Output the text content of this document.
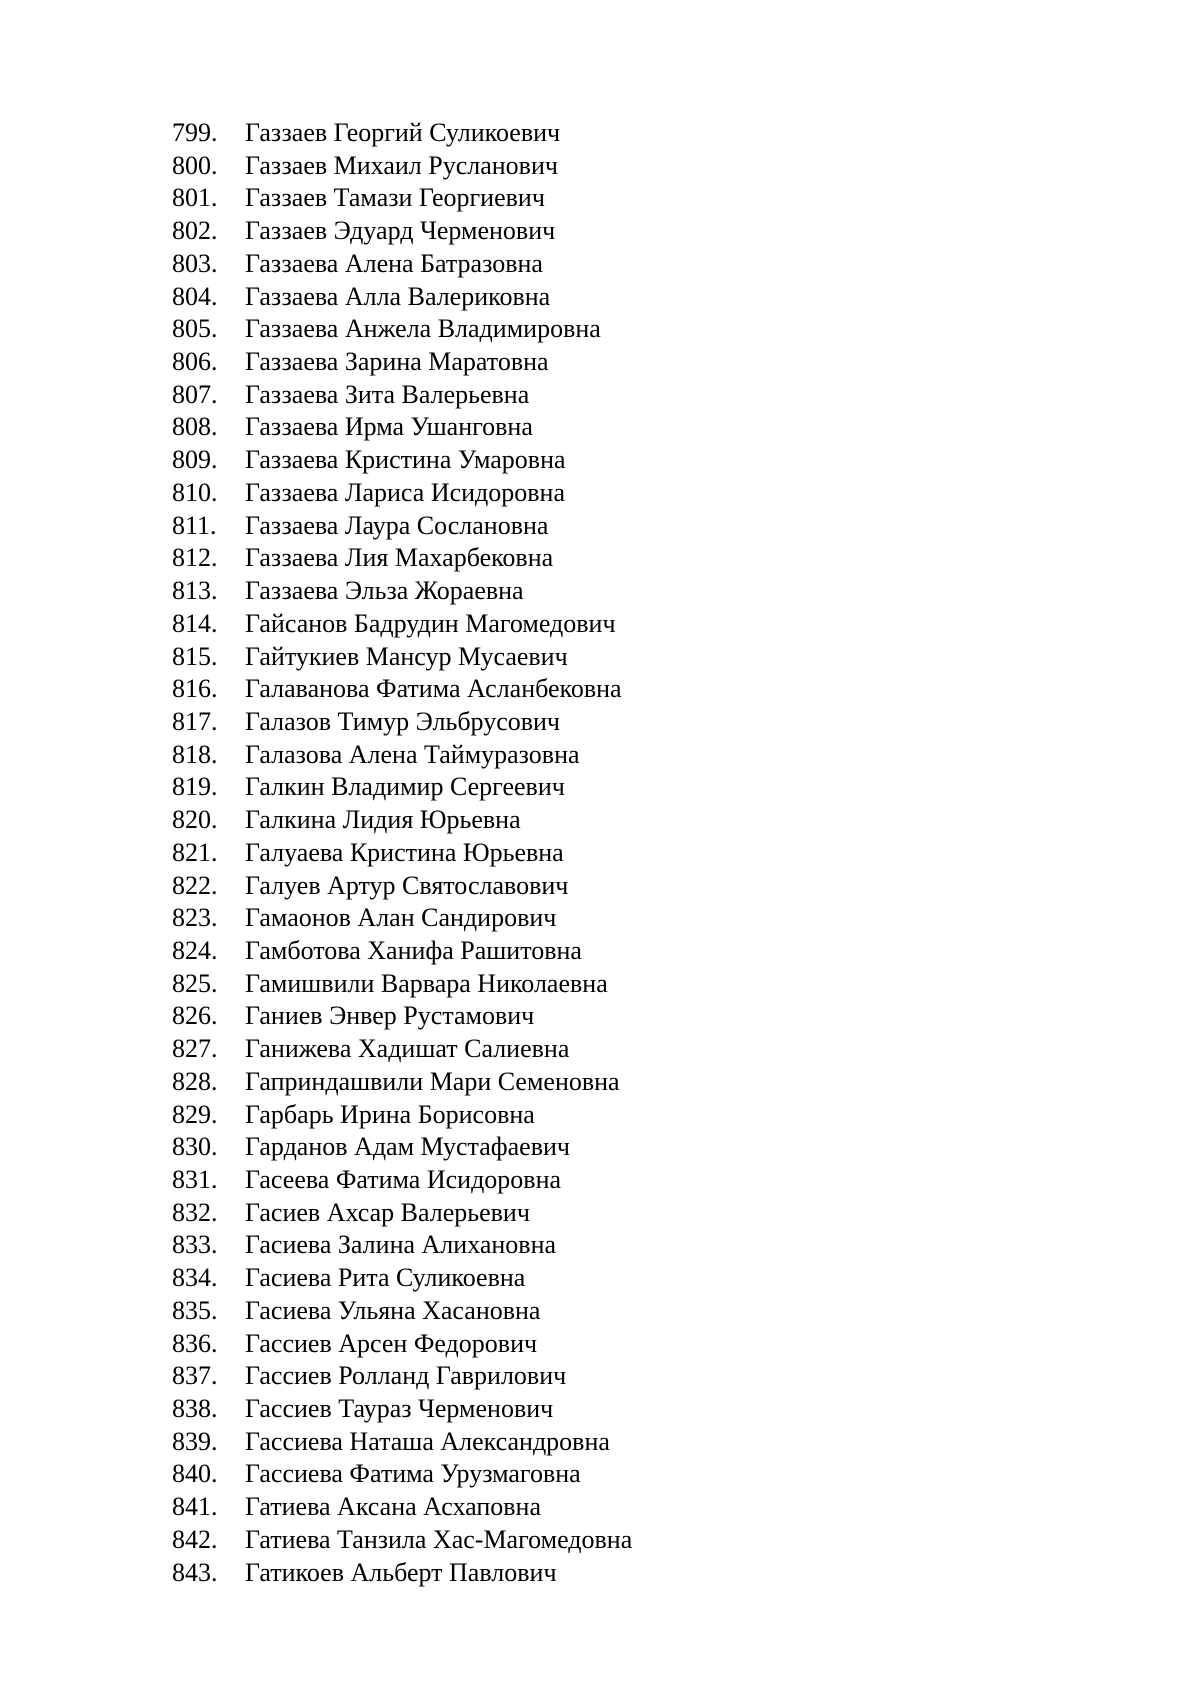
799.	Газзаев Георгий Суликоевич
800.	Газзаев Михаил Русланович
801.	Газзаев Тамази Георгиевич
802.	Газзаев Эдуард Черменович
803.	Газзаева Алена Батразовна
804.	Газзаева Алла Валериковна
805.	Газзаева Анжела Владимировна
806.	Газзаева Зарина Маратовна
807.	Газзаева Зита Валерьевна
808.	Газзаева Ирма Ушанговна
809.	Газзаева Кристина Умаровна
810.	Газзаева Лариса Исидоровна
811.	Газзаева Лаура Сослановна
812.	Газзаева Лия Махарбековна
813.	Газзаева Эльза Жораевна
814.	Гайсанов Бадрудин Магомедович
815.	Гайтукиев Мансур Мусаевич
816.	Галаванова Фатима Асланбековна
817.	Галазов Тимур Эльбрусович
818.	Галазова Алена Таймуразовна
819.	Галкин Владимир Сергеевич
820.	Галкина Лидия Юрьевна
821.	Галуаева Кристина Юрьевна
822.	Галуев Артур Святославович
823.	Гамаонов Алан Сандирович
824.	Гамботова Ханифа Рашитовна
825.	Гамишвили Варвара Николаевна
826.	Ганиев Энвер Рустамович
827.	Ганижева Хадишат Салиевна
828.	Гаприндашвили Мари Семеновна
829.	Гарбарь Ирина Борисовна
830.	Гарданов Адам Мустафаевич
831.	Гасеева Фатима Исидоровна
832.	Гасиев Ахсар Валерьевич
833.	Гасиева Залина Алихановна
834.	Гасиева Рита Суликоевна
835.	Гасиева Ульяна Хасановна
836.	Гассиев Арсен Федорович
837.	Гассиев Ролланд Гаврилович
838.	Гассиев Таураз Черменович
839.	Гассиева Наташа Александровна
840.	Гассиева Фатима Урузмаговна
841.	Гатиева Аксана Асхаповна
842.	Гатиева Танзила Хас-Магомедовна
843.	Гатикоев Альберт Павлович
